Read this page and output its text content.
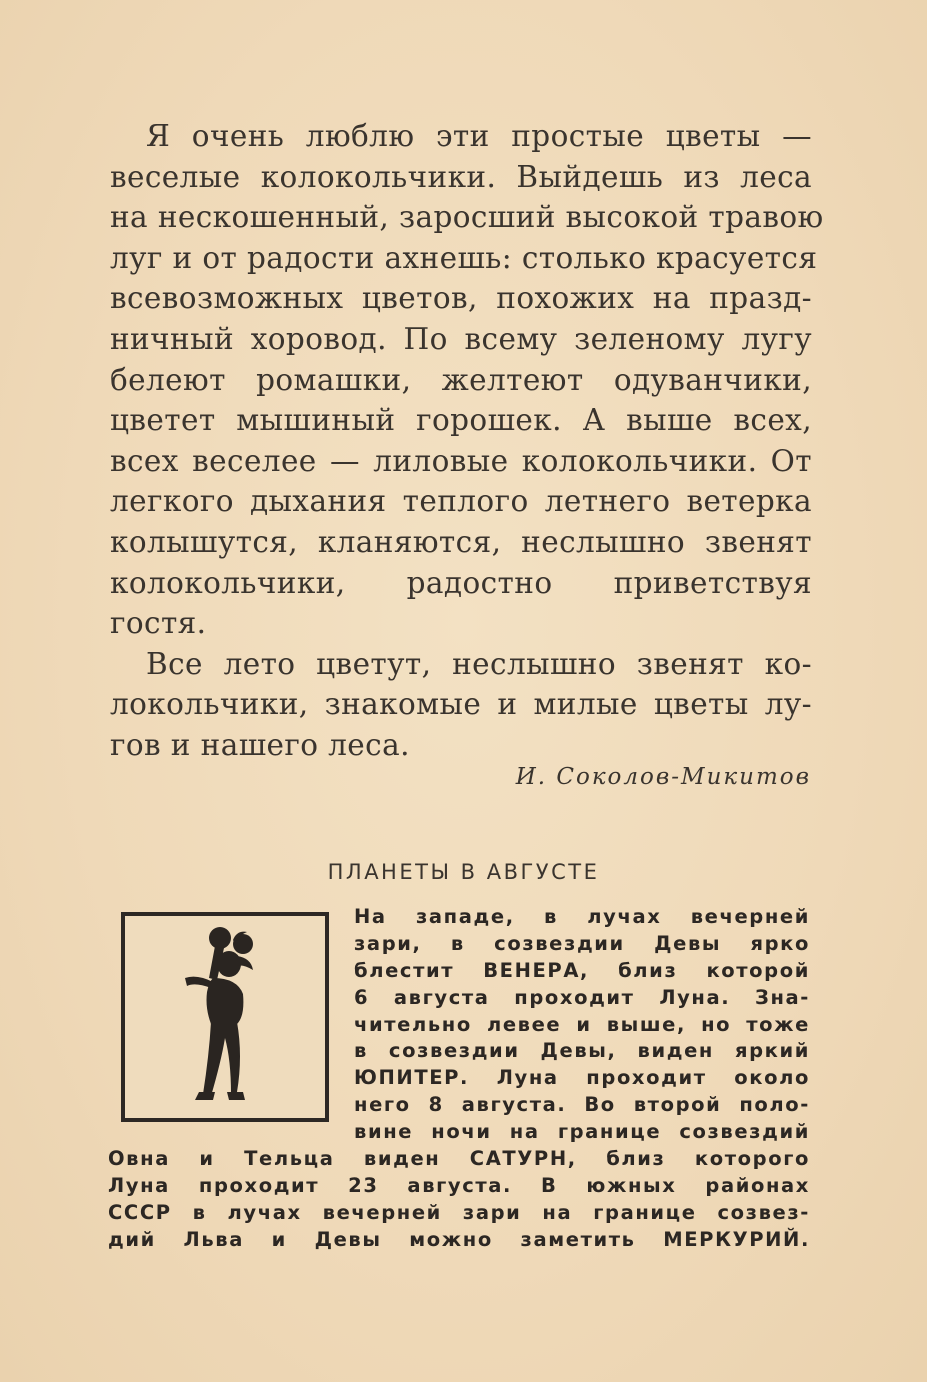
Я очень люблю эти простые цветы —
веселые колокольчики. Выйдешь из леса
на нескошенный, заросший высокой травою
луг и от радости ахнешь: столько красуется
всевозможных цветов, похожих на празд-
ничный хоровод. По всему зеленому лугу
белеют ромашки, желтеют одуванчики,
цветет мышиный горошек. А выше всех,
всех веселее — лиловые колокольчики. От
легкого дыхания теплого летнего ветерка
колышутся, кланяются, неслышно звенят
колокольчики, радостно приветствуя
гостя.
Все лето цветут, неслышно звенят ко-
локольчики, знакомые и милые цветы лу-
гов и нашего леса.
И. Соколов-Микитов
ПЛАНЕТЫ В АВГУСТЕ
На западе, в лучах вечерней
зари, в созвездии Девы ярко
блестит ВЕНЕРА, близ которой
6 августа проходит Луна. Зна-
чительно левее и выше, но тоже
в созвездии Девы, виден яркий
ЮПИТЕР. Луна проходит около
него 8 августа. Во второй поло-
вине ночи на границе созвездий
Овна и Тельца виден САТУРН, близ которого
Луна проходит 23 августа. В южных районах
СССР в лучах вечерней зари на границе созвез-
дий Льва и Девы можно заметить МЕРКУРИЙ.
